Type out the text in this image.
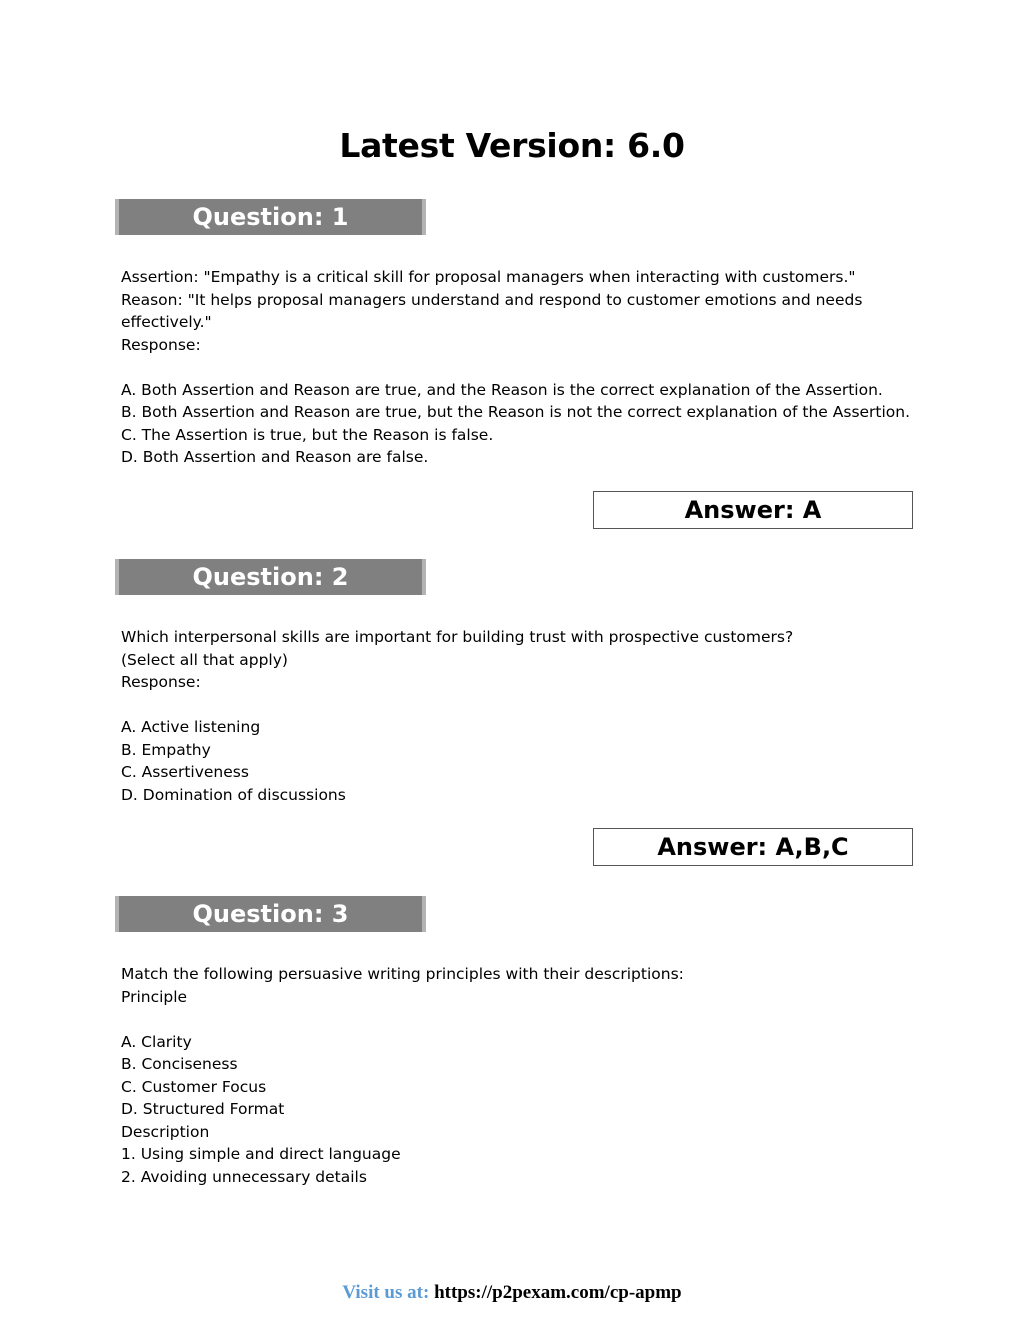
Latest Version: 6.0
Question: 1
Assertion: "Empathy is a critical skill for proposal managers when interacting with customers."
Reason: "It helps proposal managers understand and respond to customer emotions and needs
effectively."
Response:
A. Both Assertion and Reason are true, and the Reason is the correct explanation of the Assertion.
B. Both Assertion and Reason are true, but the Reason is not the correct explanation of the Assertion.
C. The Assertion is true, but the Reason is false.
D. Both Assertion and Reason are false.
Answer: A
Question: 2
Which interpersonal skills are important for building trust with prospective customers?
(Select all that apply)
Response:
A. Active listening
B. Empathy
C. Assertiveness
D. Domination of discussions
Answer: A,B,C
Question: 3
Match the following persuasive writing principles with their descriptions:
Principle
A. Clarity
B. Conciseness
C. Customer Focus
D. Structured Format
Description
1. Using simple and direct language
2. Avoiding unnecessary details
Visit us at: https://p2pexam.com/cp-apmp
